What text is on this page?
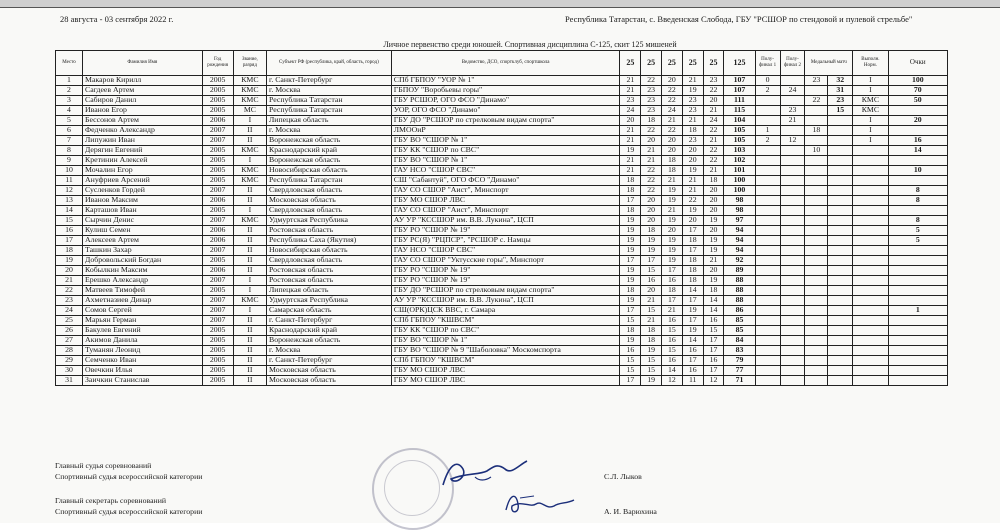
28 августа - 03 сентября 2022 г.	Республика Татарстан, с. Введенская Слобода, ГБУ "РСШОР по стендовой и пулевой стрельбе"
Личное первенство среди юношей. Спортивная дисциплина С-125, скит 125 мишеней
Место	Фамилия Имя	Год рождения	Звание, разряд	Субъект РФ (республика, край, область, город)	Ведомство, ДСО, спортклуб, спортшкола	25	25	25	25	25	125	Полу-финал 1	Полу-финал 2	Медальный матч		Выполн. Норм.	Очки
1	Макаров Кирилл	2005	КМС	г. Санкт-Петербург	СПб ГБПОУ "УОР № 1"	21	22	20	21	23	107	0		23	32	I	100
2	Сагдеев Артем	2005	КМС	г. Москва	ГБПОУ "Воробьевы горы"	21	23	22	19	22	107	2	24		31	I	70
3	Сабиров Данил	2005	КМС	Республика Татарстан	ГБУ РСШОР, ОГО ФСО "Динамо"	23	23	22	23	20	111			22	23	КМС	50
4	Иванов Егор	2005	МС	Республика Татарстан	УОР, ОГО ФСО "Динамо"	24	23	24	23	21	115		23		15	КМС	
5	Бессонов Артем	2006	I	Липецкая область	ГБУ ДО "РСШОР по стрелковым видам спорта"	20	18	21	21	24	104		21			I	20
6	Федченко Александр	2007	II	г. Москва	ЛМООиР	21	22	22	18	22	105	1		18		I	
7	Липужин Иван	2007	II	Воронежская область	ГБУ ВО "СШОР № 1"	21	20	20	23	21	105	2	12			I	16
8	Дерягин Евгений	2005	КМС	Краснодарский край	ГБУ КК "СШОР по СВС"	19	21	20	20	22	103			10			14
9	Кретинин Алексей	2005	I	Воронежская область	ГБУ ВО "СШОР № 1"	21	21	18	20	22	102						
10	Мочалин Егор	2005	КМС	Новосибирская область	ГАУ НСО "СШОР СВС"	21	22	18	19	21	101						10
11	Ануфриев Арсений	2005	КМС	Республика Татарстан	СШ "Сабантуй", ОГО ФСО "Динамо"	18	22	21	21	18	100						
12	Сусленков Гордей	2007	II	Свердловская область	ГАУ СО СШОР "Аист", Минспорт	18	22	19	21	20	100						8
13	Иванов Максим	2006	II	Московская область	ГБУ МО СШОР ЛВС	17	20	19	22	20	98						8
14	Карташов Иван	2005	I	Свердловская область	ГАУ СО СШОР "Аист", Минспорт	18	20	21	19	20	98						
15	Сырчин Денис	2007	КМС	Удмуртская Республика	АУ УР "КССШОР им. В.В. Лукина", ЦСП	19	20	19	20	19	97						8
16	Кулиш Семен	2006	II	Ростовская область	ГБУ РО "СШОР № 19"	19	18	20	17	20	94						5
17	Алексеев Артем	2006	II	Республика Саха (Якутия)	ГБУ РС(Я) "РЦПСР", "РСШОР с. Намцы	19	19	19	18	19	94						5
18	Ташкин Захар	2007	II	Новосибирская область	ГАУ НСО "СШОР СВС"	19	19	19	17	19	94						
19	Добровольский Богдан	2005	II	Свердловская область	ГАУ СО СШОР "Уктусские горы", Минспорт	17	17	19	18	21	92						
20	Кобылкин Максим	2006	II	Ростовская область	ГБУ РО "СШОР № 19"	19	15	17	18	20	89						
21	Ерешко Александр	2007	I	Ростовская область	ГБУ РО "СШОР № 19"	19	16	16	18	19	88						
22	Матвеев Тимофей	2005	I	Липецкая область	ГБУ ДО "РСШОР по стрелковым видам спорта"	18	20	18	14	18	88						
23	Ахметназиев Динар	2007	КМС	Удмуртская Республика	АУ УР "КССШОР им. В.В. Лукина", ЦСП	19	21	17	17	14	88						
24	Сомов Сергей	2007	I	Самарская область	СШ(ОРК)ЦСК ВВС, г. Самара	17	15	21	19	14	86						1
25	Марьян Герман	2007	II	г. Санкт-Петербург	СПб ГБПОУ "КШВСМ"	15	21	16	17	16	85						
26	Бакулев Евгений	2005	II	Краснодарский край	ГБУ КК "СШОР по СВС"	18	18	15	19	15	85						
27	Акимов Данила	2005	II	Воронежская область	ГБУ ВО "СШОР № 1"	19	18	16	14	17	84						
28	Туманян Леонид	2005	II	г. Москва	ГБУ ВО "СШОР № 9 "Шаболовка" Москомспорта	16	19	15	16	17	83						
29	Семченко Иван	2005	II	г. Санкт-Петербург	СПб ГБПОУ "КШВСМ"	15	15	16	17	16	79						
30	Овечкин Илья	2005	II	Московская область	ГБУ МО СШОР ЛВС	15	15	14	16	17	77						
31	Заичкин Станислав	2005	II	Московская область	ГБУ МО СШОР ЛВС	17	19	12	11	12	71						
Главный судья соревнований
Спортивный судья всероссийской категории	С.Л. Лыков
Главный секретарь соревнований
Спортивный судья всероссийской категории	А. И. Варюхина
